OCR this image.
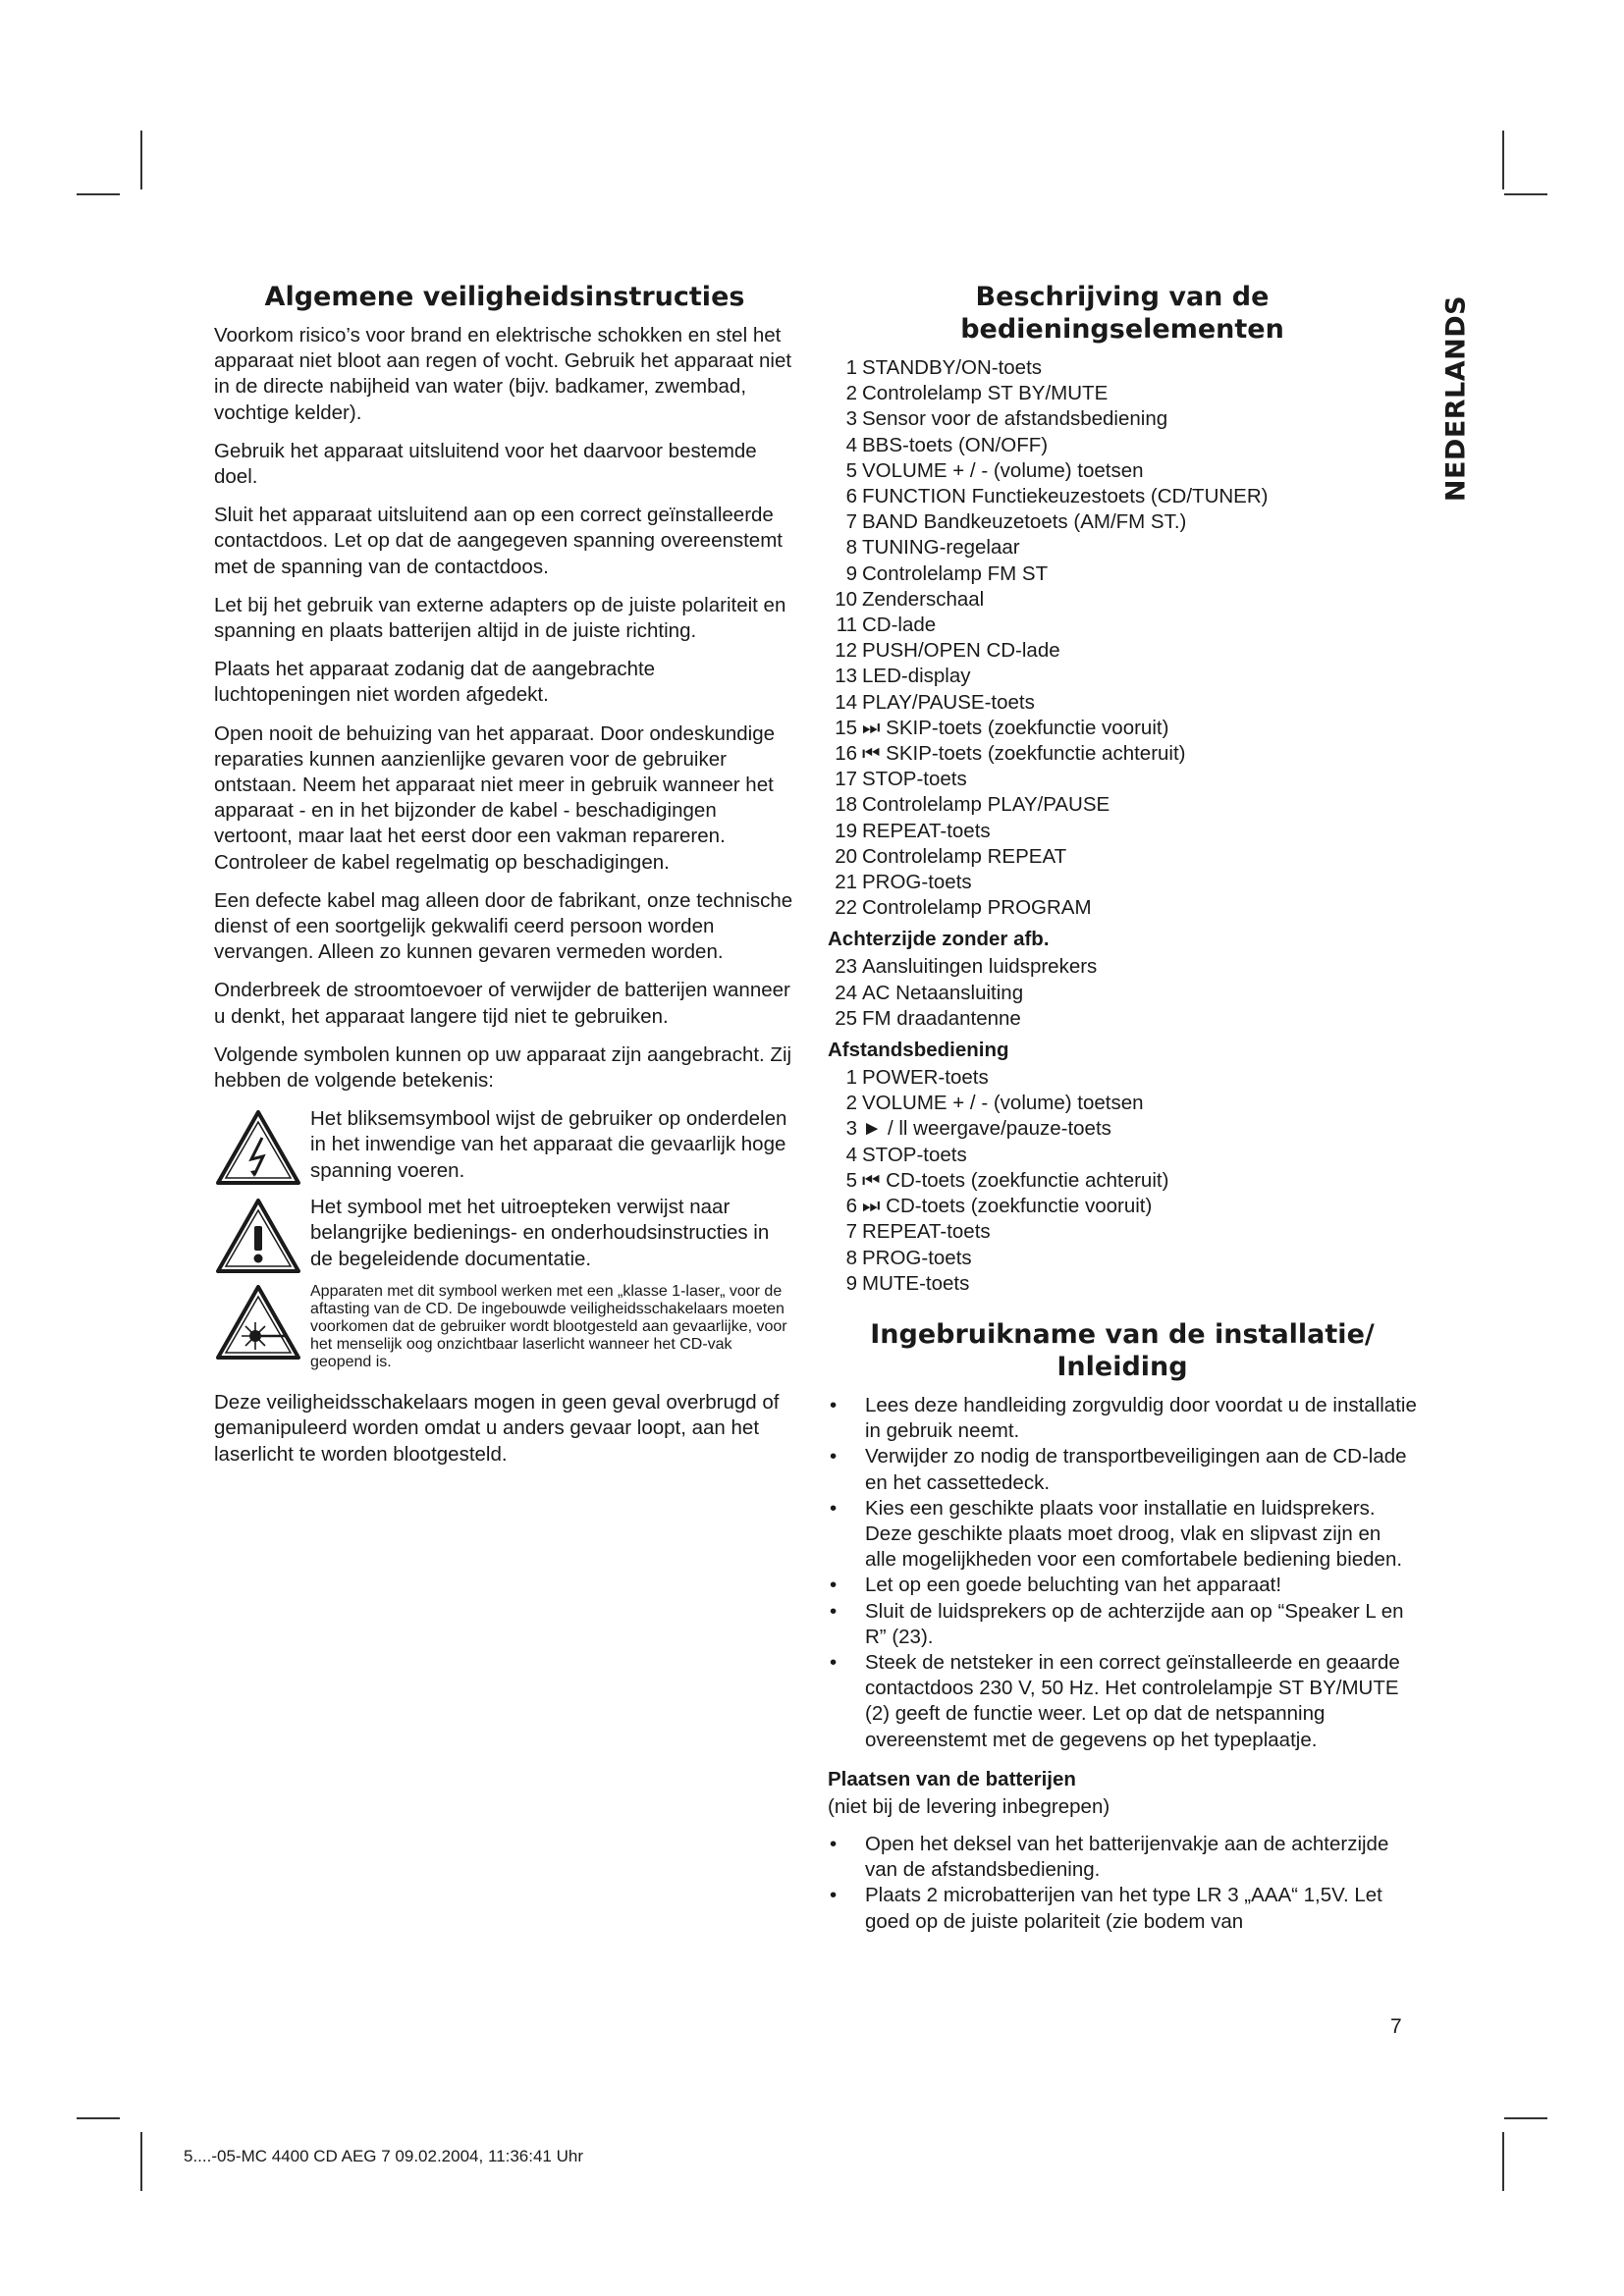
NEDERLANDS
Algemene veiligheidsinstructies

Voorkom risico’s voor brand en elektrische schokken en stel het apparaat niet bloot aan regen of vocht. Gebruik het apparaat niet in de directe nabijheid van water (bijv. badkamer, zwembad, vochtige kelder).

Gebruik het apparaat uitsluitend voor het daarvoor bestemde doel.

Sluit het apparaat uitsluitend aan op een correct geïnstalleerde contactdoos. Let op dat de aangegeven spanning overeenstemt met de spanning van de contactdoos.

Let bij het gebruik van externe adapters op de juiste polariteit en spanning en plaats batterijen altijd in de juiste richting.

Plaats het apparaat zodanig dat de aangebrachte luchtopeningen niet worden afgedekt.

Open nooit de behuizing van het apparaat. Door ondeskundige reparaties kunnen aanzienlijke gevaren voor de gebruiker ontstaan. Neem het apparaat niet meer in gebruik wanneer het apparaat - en in het bijzonder de kabel - beschadigingen vertoont, maar laat het eerst door een vakman repareren. Controleer de kabel regelmatig op beschadigingen.

Een defecte kabel mag alleen door de fabrikant, onze technische dienst of een soortgelijk gekwalifi ceerd persoon worden vervangen. Alleen zo kunnen gevaren vermeden worden.

Onderbreek de stroomtoevoer of verwijder de batterijen wanneer u denkt, het apparaat langere tijd niet te gebruiken.

Volgende symbolen kunnen op uw apparaat zijn aangebracht. Zij hebben de volgende betekenis:

Het bliksemsymbool wijst de gebruiker op onderdelen in het inwendige van het apparaat die gevaarlijk hoge spanning voeren.
Het symbool met het uitroepteken verwijst naar belangrijke bedienings- en onderhoudsinstructies in de begeleidende documentatie.
Apparaten met dit symbool werken met een „klasse 1-laser„ voor de aftasting van de CD. De ingebouwde veiligheidsschakelaars moeten voorkomen dat de gebruiker wordt blootgesteld aan gevaarlijke, voor het menselijk oog onzichtbaar laserlicht wanneer het CD-vak geopend is.

Deze veiligheidsschakelaars mogen in geen geval overbrugd of gemanipuleerd worden omdat u anders gevaar loopt, aan het laserlicht te worden blootgesteld.

Beschrijving van de
bedieningselementen
1 STANDBY/ON-toets
2 Controlelamp ST BY/MUTE
3 Sensor voor de afstandsbediening
4 BBS-toets (ON/OFF)
5 VOLUME + / - (volume) toetsen
6 FUNCTION Functiekeuzestoets (CD/TUNER)
7 BAND Bandkeuzetoets (AM/FM ST.)
8 TUNING-regelaar
9 Controlelamp FM ST
10 Zenderschaal
11 CD-lade
12 PUSH/OPEN CD-lade
13 LED-display
14 PLAY/PAUSE-toets
15 ⏭ SKIP-toets (zoekfunctie vooruit)
16 ⏮ SKIP-toets (zoekfunctie achteruit)
17 STOP-toets
18 Controlelamp PLAY/PAUSE
19 REPEAT-toets
20 Controlelamp REPEAT
21 PROG-toets
22 Controlelamp PROGRAM
Achterzijde zonder afb.
23 Aansluitingen luidsprekers
24 AC Netaansluiting
25 FM draadantenne
Afstandsbediening
1 POWER-toets
2 VOLUME + / - (volume) toetsen
3 ► / ll weergave/pauze-toets
4 STOP-toets
5 ⏮ CD-toets (zoekfunctie achteruit)
6 ⏭ CD-toets (zoekfunctie vooruit)
7 REPEAT-toets
8 PROG-toets
9 MUTE-toets
Ingebruikname van de installatie/
Inleiding
• Lees deze handleiding zorgvuldig door voordat u de installatie in gebruik neemt.
• Verwijder zo nodig de transportbeveiligingen aan de CD-lade en het cassettedeck.
• Kies een geschikte plaats voor installatie en luidsprekers. Deze geschikte plaats moet droog, vlak en slipvast zijn en alle mogelijkheden voor een comfortabele bediening bieden.
• Let op een goede beluchting van het apparaat!
• Sluit de luidsprekers op de achterzijde aan op “Speaker L en R” (23).
• Steek de netsteker in een correct geïnstalleerde en geaarde contactdoos 230 V, 50 Hz. Het controlelampje ST BY/MUTE (2) geeft de functie weer. Let op dat de netspanning overeenstemt met de gegevens op het typeplaatje.
Plaatsen van de batterijen

(niet bij de levering inbegrepen)

• Open het deksel van het batterijenvakje aan de achterzijde van de afstandsbediening.
• Plaats 2 microbatterijen van het type LR 3 „AAA“ 1,5V. Let goed op de juiste polariteit (zie bodem van
7
5....-05-MC 4400 CD AEG 7 09.02.2004, 11:36:41 Uhr
